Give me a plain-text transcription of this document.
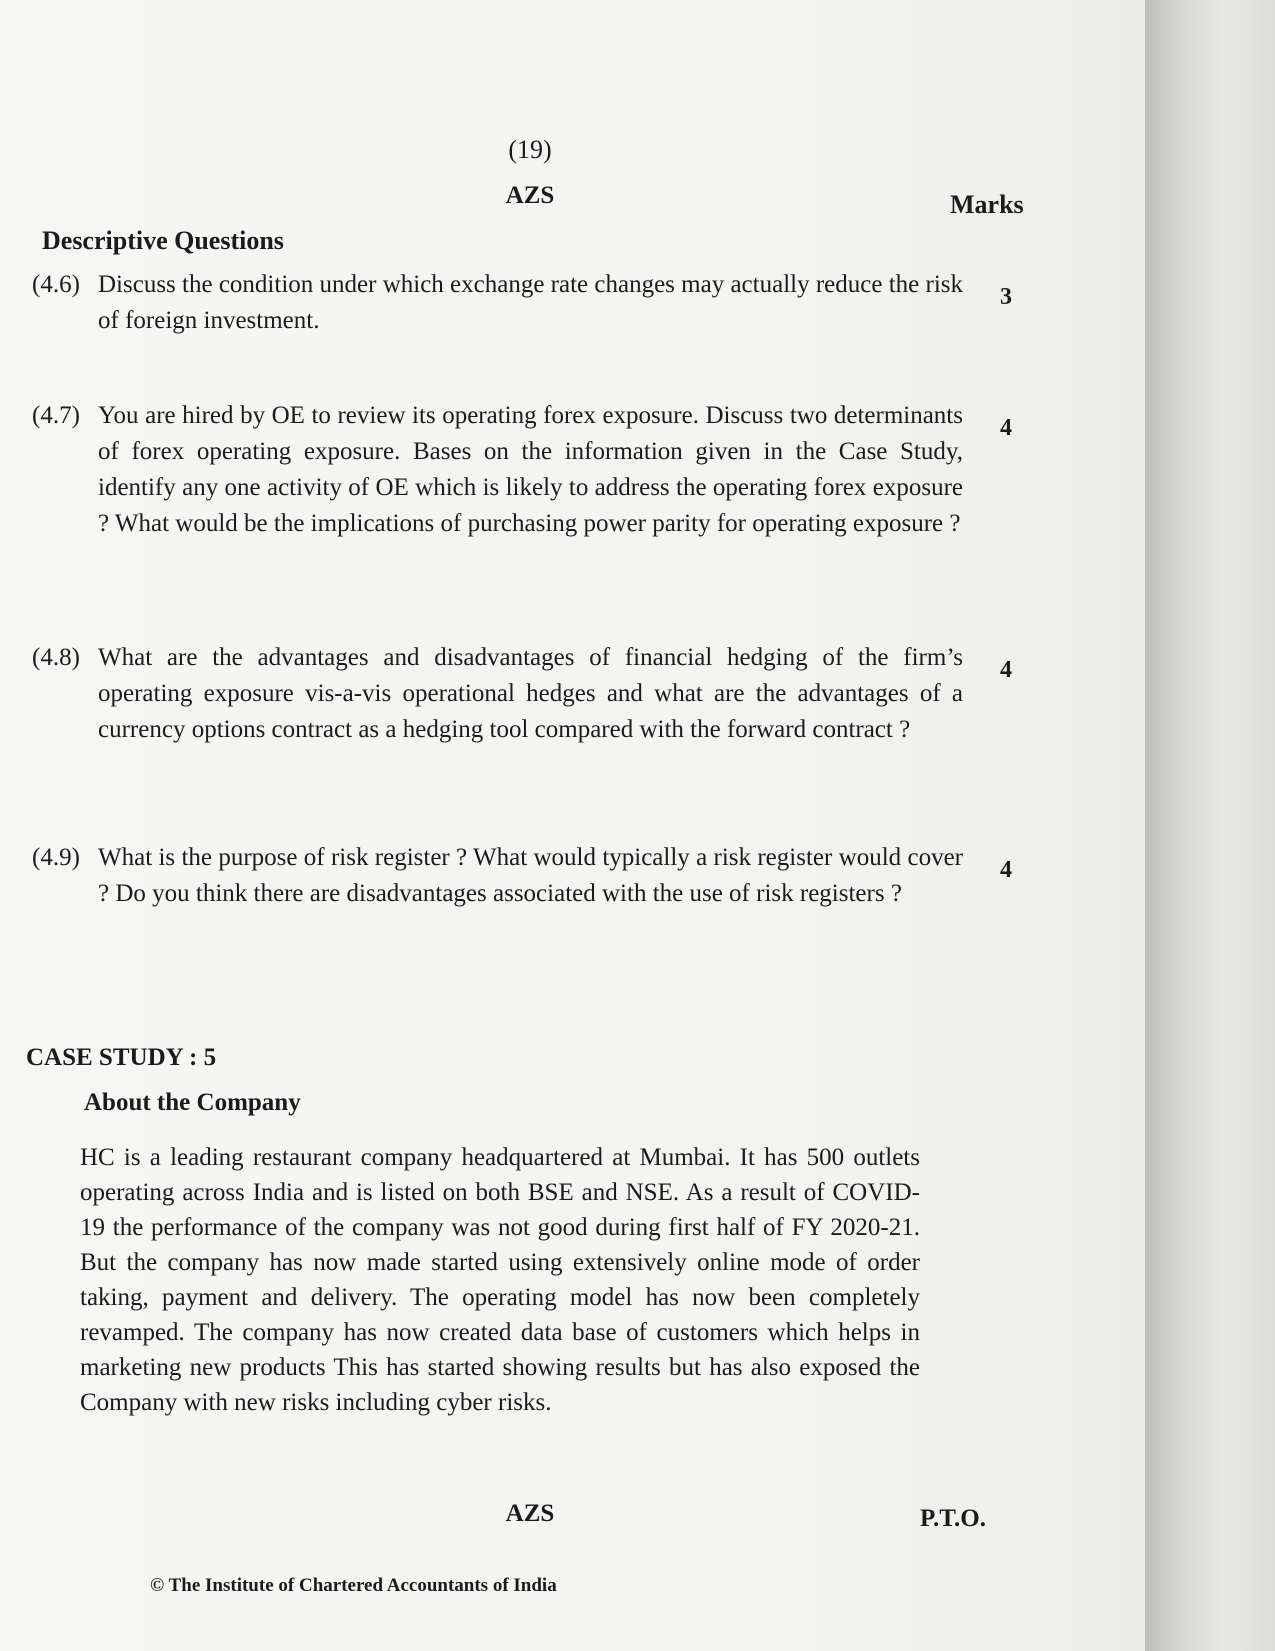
(19)
AZS	Marks
Descriptive Questions
(4.6) Discuss the condition under which exchange rate changes may actually reduce the risk of foreign investment.
3
(4.7) You are hired by OE to review its operating forex exposure. Discuss two determinants of forex operating exposure. Bases on the information given in the Case Study, identify any one activity of OE which is likely to address the operating forex exposure ? What would be the implications of purchasing power parity for operating exposure ?
4
(4.8) What are the advantages and disadvantages of financial hedging of the firm’s operating exposure vis-a-vis operational hedges and what are the advantages of a currency options contract as a hedging tool compared with the forward contract ?
4
(4.9) What is the purpose of risk register ? What would typically a risk register would cover ? Do you think there are disadvantages associated with the use of risk registers ?
4
CASE STUDY : 5
About the Company
HC is a leading restaurant company headquartered at Mumbai. It has 500 outlets operating across India and is listed on both BSE and NSE. As a result of COVID-19 the performance of the company was not good during first half of FY 2020-21. But the company has now made started using extensively online mode of order taking, payment and delivery. The operating model has now been completely revamped. The company has now created data base of customers which helps in marketing new products This has started showing results but has also exposed the Company with new risks including cyber risks.
AZS	P.T.O.
© The Institute of Chartered Accountants of India
